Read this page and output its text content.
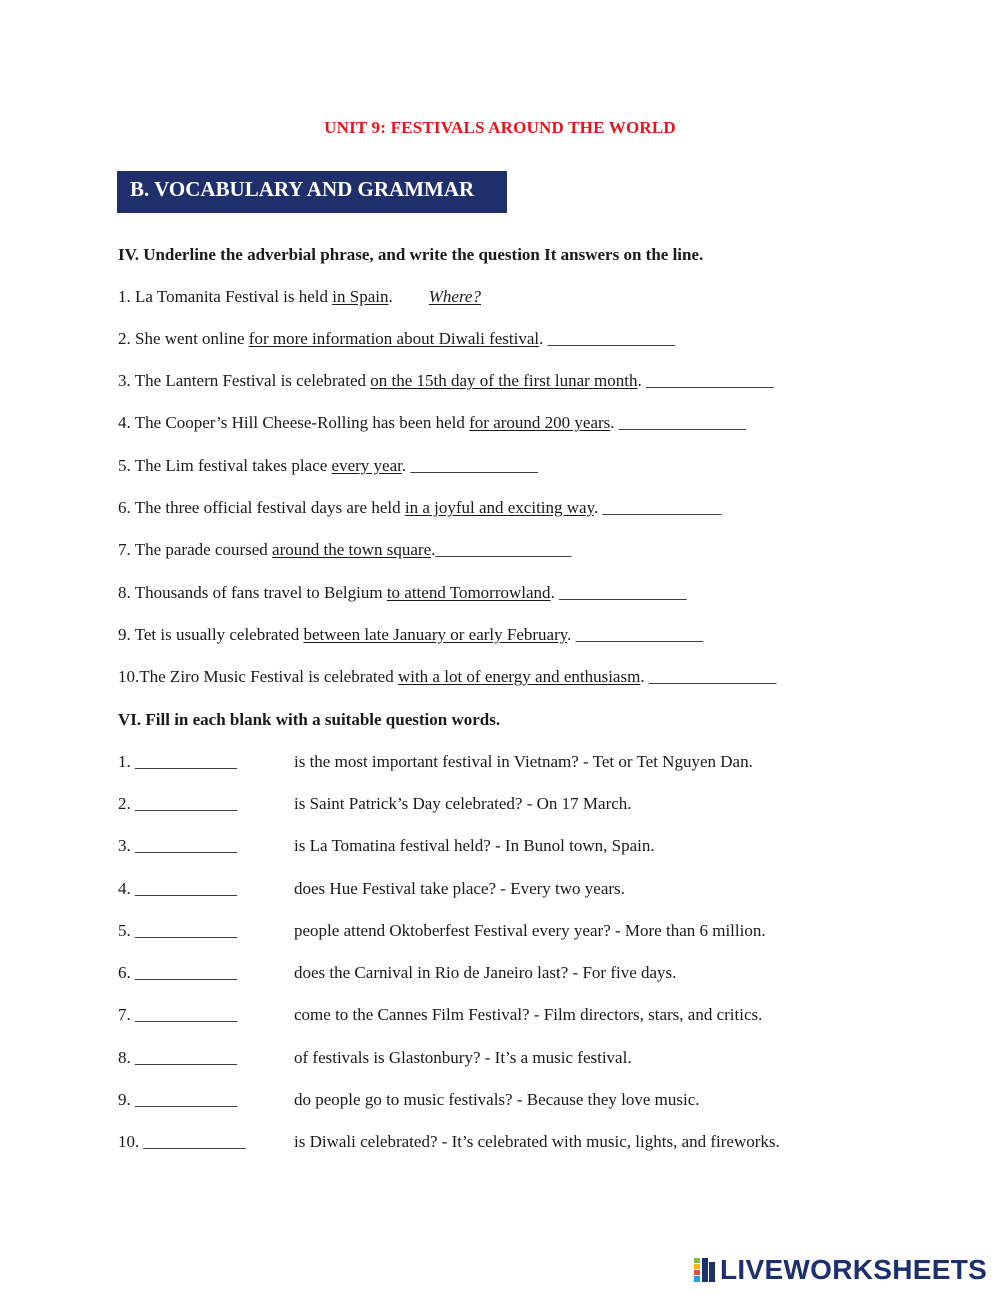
UNIT 9: FESTIVALS AROUND THE WORLD
B. VOCABULARY AND GRAMMAR
IV. Underline the adverbial phrase, and write the question It answers on the line.
1. La Tomanita Festival is held in Spain. Where?
2. She went online for more information about Diwali festival. _______________
3. The Lantern Festival is celebrated on the 15th day of the first lunar month. _______________
4. The Cooper’s Hill Cheese-Rolling has been held for around 200 years. _______________
5. The Lim festival takes place every year. _______________
6. The three official festival days are held in a joyful and exciting way. ______________
7. The parade coursed around the town square.________________
8. Thousands of fans travel to Belgium to attend Tomorrowland. _______________
9. Tet is usually celebrated between late January or early February. _______________
10.The Ziro Music Festival is celebrated with a lot of energy and enthusiasm. _______________
VI. Fill in each blank with a suitable question words.
1. ____________	is the most important festival in Vietnam? - Tet or Tet Nguyen Dan.
2. ____________	is Saint Patrick’s Day celebrated? - On 17 March.
3. ____________	is La Tomatina festival held? - In Bunol town, Spain.
4. ____________	does Hue Festival take place? - Every two years.
5. ____________	people attend Oktoberfest Festival every year? - More than 6 million.
6. ____________	does the Carnival in Rio de Janeiro last? - For five days.
7. ____________	come to the Cannes Film Festival? - Film directors, stars, and critics.
8. ____________	of festivals is Glastonbury? - It’s a music festival.
9. ____________	do people go to music festivals? - Because they love music.
10. ____________	is Diwali celebrated? - It’s celebrated with music, lights, and fireworks.
LIVEWORKSHEETS
